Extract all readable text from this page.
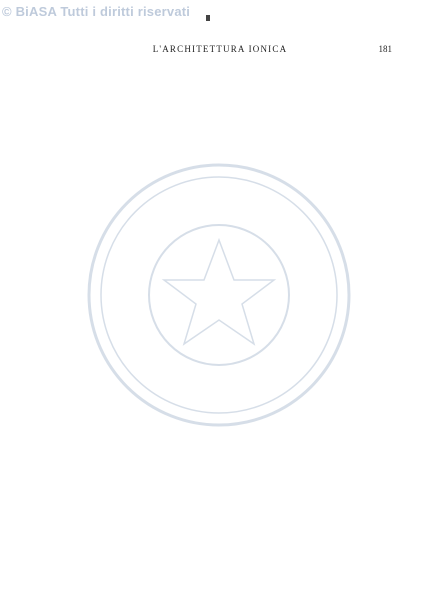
© BiASA Tutti i diritti riservati
L'ARCHITETTURA IONICA	181
